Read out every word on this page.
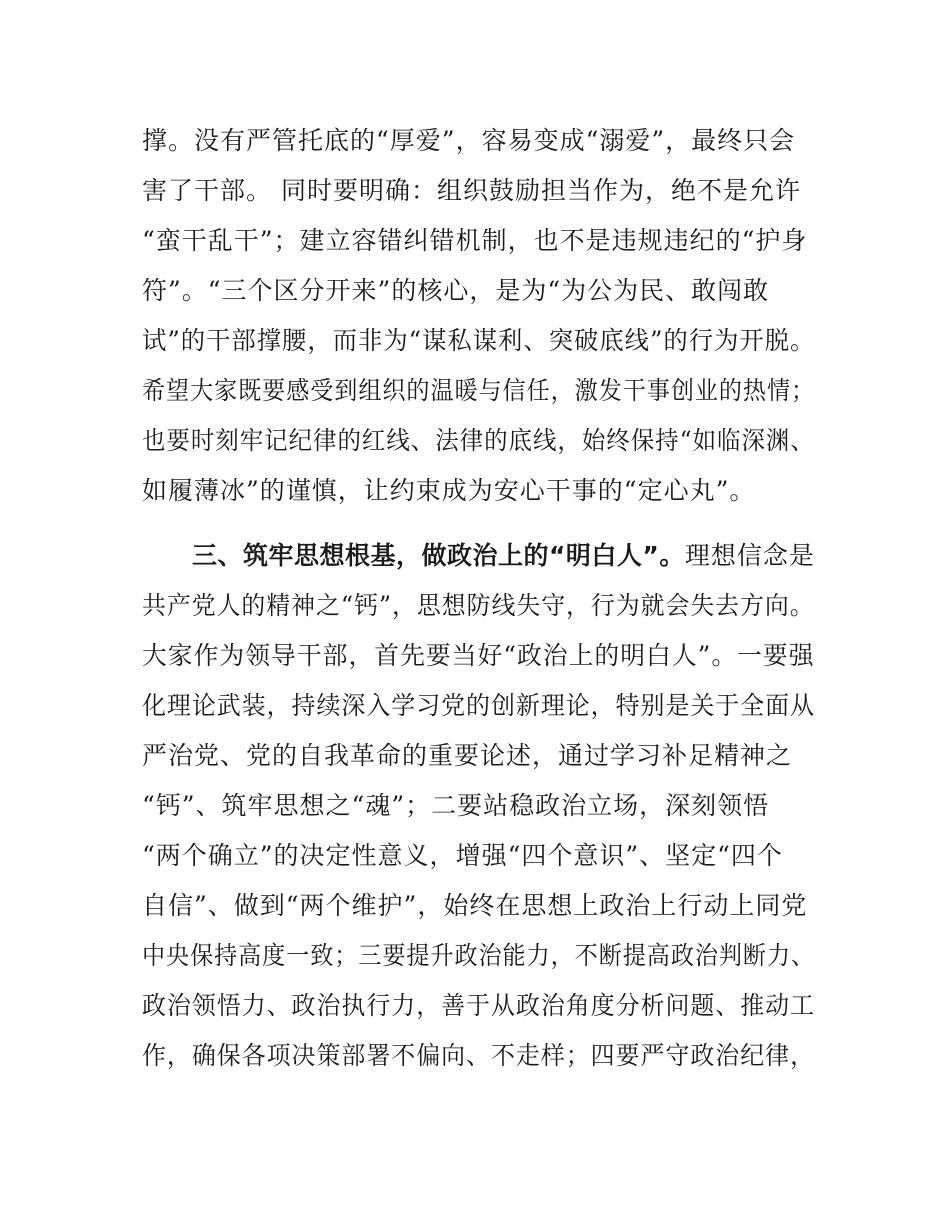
撑。没有严管托底的“厚爱”，容易变成“溺爱”，最终只会
害了干部。 同时要明确：组织鼓励担当作为，绝不是允许
“蛮干乱干”；建立容错纠错机制，也不是违规违纪的“护身
符”。“三个区分开来”的核心，是为“为公为民、敢闯敢
试”的干部撑腰，而非为“谋私谋利、突破底线”的行为开脱。
希望大家既要感受到组织的温暖与信任，激发干事创业的热情；
也要时刻牢记纪律的红线、法律的底线，始终保持“如临深渊、
如履薄冰”的谨慎，让约束成为安心干事的“定心丸”。
三、筑牢思想根基，做政治上的“明白人”。理想信念是
共产党人的精神之“钙”，思想防线失守，行为就会失去方向。
大家作为领导干部，首先要当好“政治上的明白人”。一要强
化理论武装，持续深入学习党的创新理论，特别是关于全面从
严治党、党的自我革命的重要论述，通过学习补足精神之
“钙”、筑牢思想之“魂”；二要站稳政治立场，深刻领悟
“两个确立”的决定性意义，增强“四个意识”、坚定“四个
自信”、做到“两个维护”，始终在思想上政治上行动上同党
中央保持高度一致；三要提升政治能力，不断提高政治判断力、
政治领悟力、政治执行力，善于从政治角度分析问题、推动工
作，确保各项决策部署不偏向、不走样；四要严守政治纪律，
